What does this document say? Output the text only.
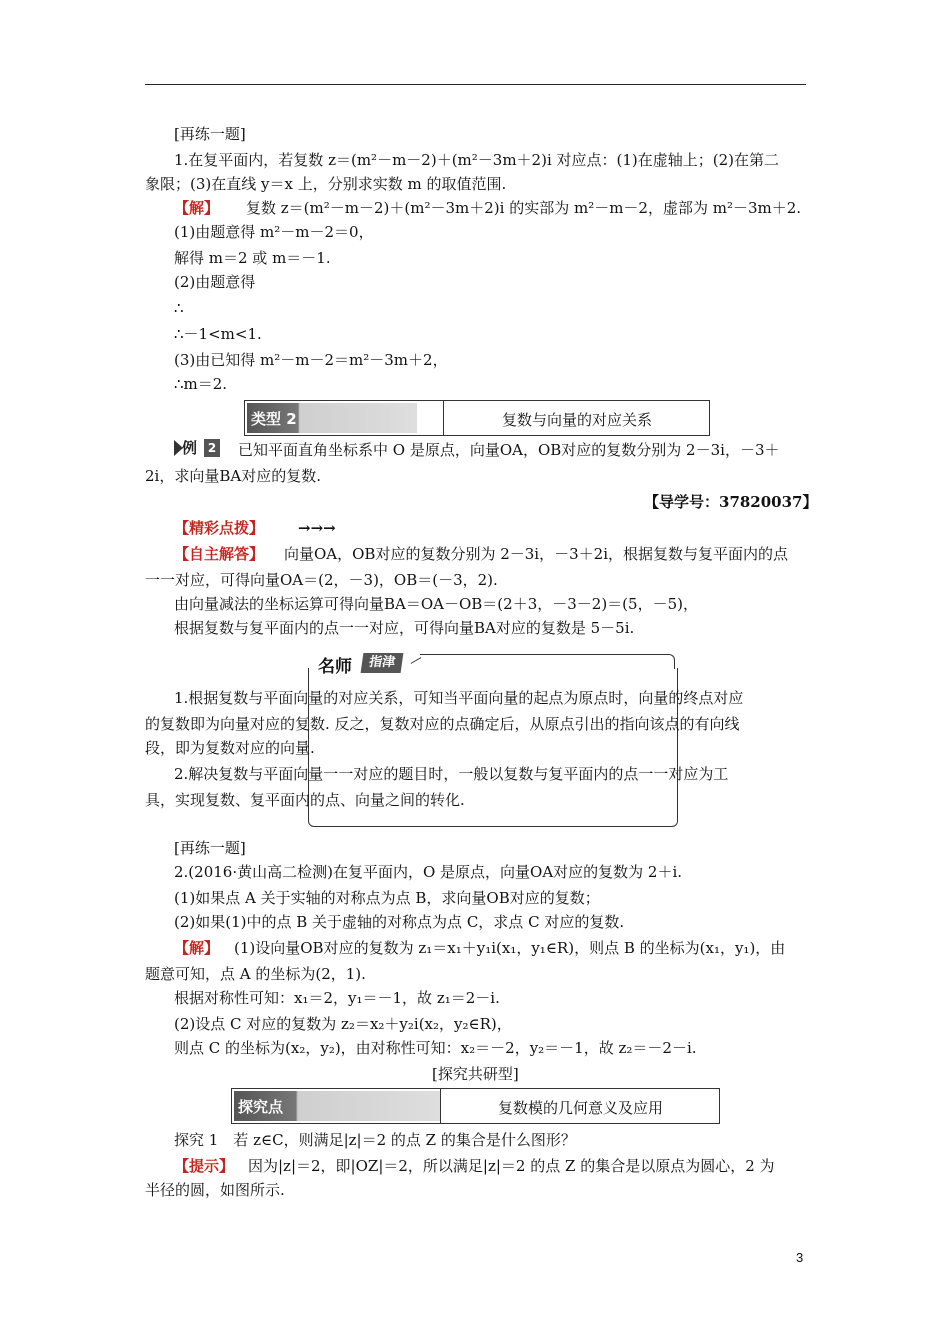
[再练一题]
1.在复平面内，若复数 z＝(m²－m－2)＋(m²－3m＋2)i 对应点：(1)在虚轴上；(2)在第二
象限；(3)在直线 y＝x 上，分别求实数 m 的取值范围.
【解】 复数 z＝(m²－m－2)＋(m²－3m＋2)i 的实部为 m²－m－2，虚部为 m²－3m＋2.
(1)由题意得 m²－m－2＝0，
解得 m＝2 或 m＝－1.
(2)由题意得
∴
∴－1<m<1.
(3)由已知得 m²－m－2＝m²－3m＋2，
∴m＝2.
类型 2	复数与向量的对应关系
例 2 已知平面直角坐标系中 O 是原点，向量OA，OB对应的复数分别为 2－3i，－3＋
2i，求向量BA对应的复数.
【导学号：37820037】
【精彩点拨】 →→→
【自主解答】 向量OA，OB对应的复数分别为 2－3i，－3＋2i，根据复数与复平面内的点
一一对应，可得向量OA＝(2，－3)，OB＝(－3，2).
由向量减法的坐标运算可得向量BA＝OA－OB＝(2＋3，－3－2)＝(5，－5)，
根据复数与复平面内的点一一对应，可得向量BA对应的复数是 5－5i.
名师	指津
1.根据复数与平面向量的对应关系，可知当平面向量的起点为原点时，向量的终点对应
的复数即为向量对应的复数. 反之，复数对应的点确定后，从原点引出的指向该点的有向线
段，即为复数对应的向量.
2.解决复数与平面向量一一对应的题目时，一般以复数与复平面内的点一一对应为工
具，实现复数、复平面内的点、向量之间的转化.
[再练一题]
2.(2016·黄山高二检测)在复平面内，O 是原点，向量OA对应的复数为 2＋i.
(1)如果点 A 关于实轴的对称点为点 B，求向量OB对应的复数；
(2)如果(1)中的点 B 关于虚轴的对称点为点 C，求点 C 对应的复数.
【解】 (1)设向量OB对应的复数为 z₁＝x₁＋y₁i(x₁，y₁∈R)，则点 B 的坐标为(x₁，y₁)，由
题意可知，点 A 的坐标为(2，1).
根据对称性可知：x₁＝2，y₁＝－1，故 z₁＝2－i.
(2)设点 C 对应的复数为 z₂＝x₂＋y₂i(x₂，y₂∈R)，
则点 C 的坐标为(x₂，y₂)，由对称性可知：x₂＝－2，y₂＝－1，故 z₂＝－2－i.
[探究共研型]
探究点	复数模的几何意义及应用
探究 1　若 z∈C，则满足|z|＝2 的点 Z 的集合是什么图形？
【提示】 因为|z|＝2，即|OZ|＝2，所以满足|z|＝2 的点 Z 的集合是以原点为圆心，2 为
半径的圆，如图所示.
3
